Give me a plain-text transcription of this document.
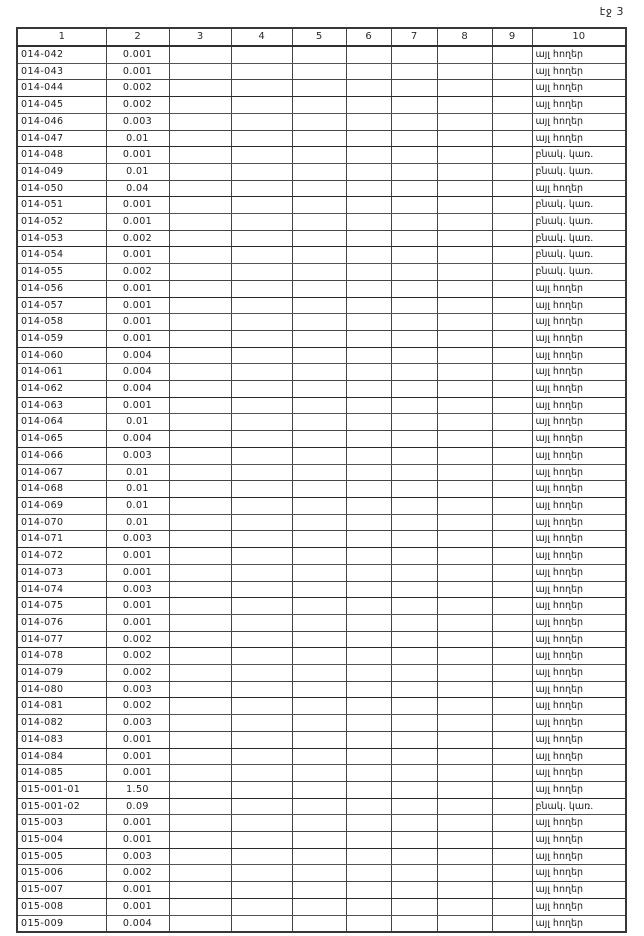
էջ 3
1	2	3	4	5	6	7	8	9	10
014-042	0.001								այլ հողեր
014-043	0.001								այլ հողեր
014-044	0.002								այլ հողեր
014-045	0.002								այլ հողեր
014-046	0.003								այլ հողեր
014-047	0.01								այլ հողեր
014-048	0.001								բնակ. կառ.
014-049	0.01								բնակ. կառ.
014-050	0.04								այլ հողեր
014-051	0.001								բնակ. կառ.
014-052	0.001								բնակ. կառ.
014-053	0.002								բնակ. կառ.
014-054	0.001								բնակ. կառ.
014-055	0.002								բնակ. կառ.
014-056	0.001								այլ հողեր
014-057	0.001								այլ հողեր
014-058	0.001								այլ հողեր
014-059	0.001								այլ հողեր
014-060	0.004								այլ հողեր
014-061	0.004								այլ հողեր
014-062	0.004								այլ հողեր
014-063	0.001								այլ հողեր
014-064	0.01								այլ հողեր
014-065	0.004								այլ հողեր
014-066	0.003								այլ հողեր
014-067	0.01								այլ հողեր
014-068	0.01								այլ հողեր
014-069	0.01								այլ հողեր
014-070	0.01								այլ հողեր
014-071	0.003								այլ հողեր
014-072	0.001								այլ հողեր
014-073	0.001								այլ հողեր
014-074	0.003								այլ հողեր
014-075	0.001								այլ հողեր
014-076	0.001								այլ հողեր
014-077	0.002								այլ հողեր
014-078	0.002								այլ հողեր
014-079	0.002								այլ հողեր
014-080	0.003								այլ հողեր
014-081	0.002								այլ հողեր
014-082	0.003								այլ հողեր
014-083	0.001								այլ հողեր
014-084	0.001								այլ հողեր
014-085	0.001								այլ հողեր
015-001-01	1.50								այլ հողեր
015-001-02	0.09								բնակ. կառ.
015-003	0.001								այլ հողեր
015-004	0.001								այլ հողեր
015-005	0.003								այլ հողեր
015-006	0.002								այլ հողեր
015-007	0.001								այլ հողեր
015-008	0.001								այլ հողեր
015-009	0.004								այլ հողեր
